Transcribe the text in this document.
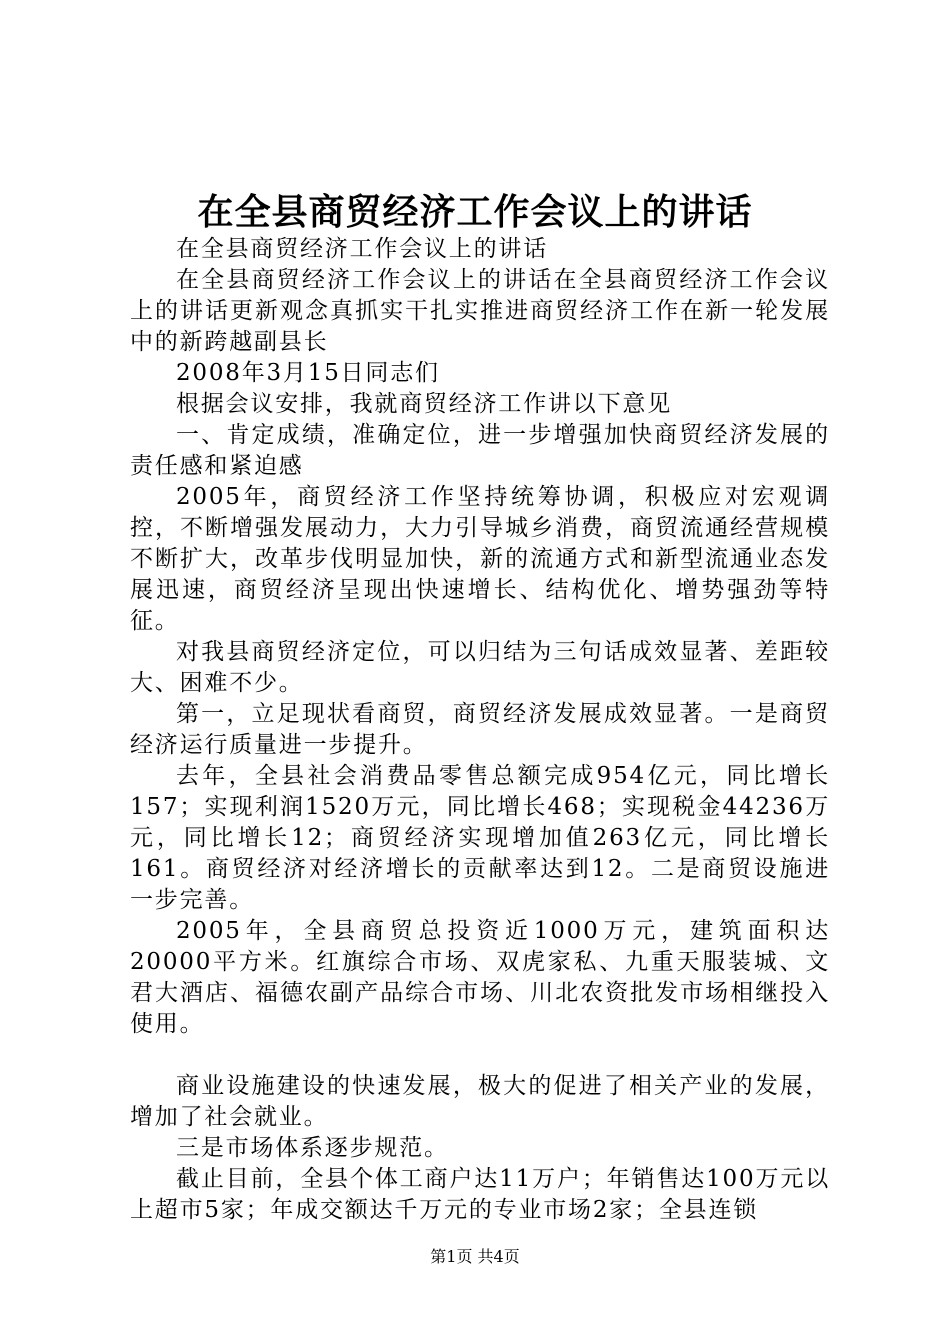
在全县商贸经济工作会议上的讲话

在全县商贸经济工作会议上的讲话

在全县商贸经济工作会议上的讲话在全县商贸经济工作会议上的讲话更新观念真抓实干扎实推进商贸经济工作在新一轮发展中的新跨越副县长

2008年3月15日同志们

根据会议安排，我就商贸经济工作讲以下意见

一、肯定成绩，准确定位，进一步增强加快商贸经济发展的责任感和紧迫感

2005年，商贸经济工作坚持统筹协调，积极应对宏观调控，不断增强发展动力，大力引导城乡消费，商贸流通经营规模不断扩大，改革步伐明显加快，新的流通方式和新型流通业态发展迅速，商贸经济呈现出快速增长、结构优化、增势强劲等特征。

对我县商贸经济定位，可以归结为三句话成效显著、差距较大、困难不少。

第一，立足现状看商贸，商贸经济发展成效显著。一是商贸经济运行质量进一步提升。

去年，全县社会消费品零售总额完成954亿元，同比增长157；实现利润1520万元，同比增长468；实现税金44236万元，同比增长12；商贸经济实现增加值263亿元，同比增长161。商贸经济对经济增长的贡献率达到12。二是商贸设施进一步完善。

2005年，全县商贸总投资近1000万元，建筑面积达20000平方米。红旗综合市场、双虎家私、九重天服装城、文君大酒店、福德农副产品综合市场、川北农资批发市场相继投入使用。

商业设施建设的快速发展，极大的促进了相关产业的发展，增加了社会就业。

三是市场体系逐步规范。

截止目前，全县个体工商户达11万户；年销售达100万元以上超市5家；年成交额达千万元的专业市场2家；全县连锁

第1页 共4页
